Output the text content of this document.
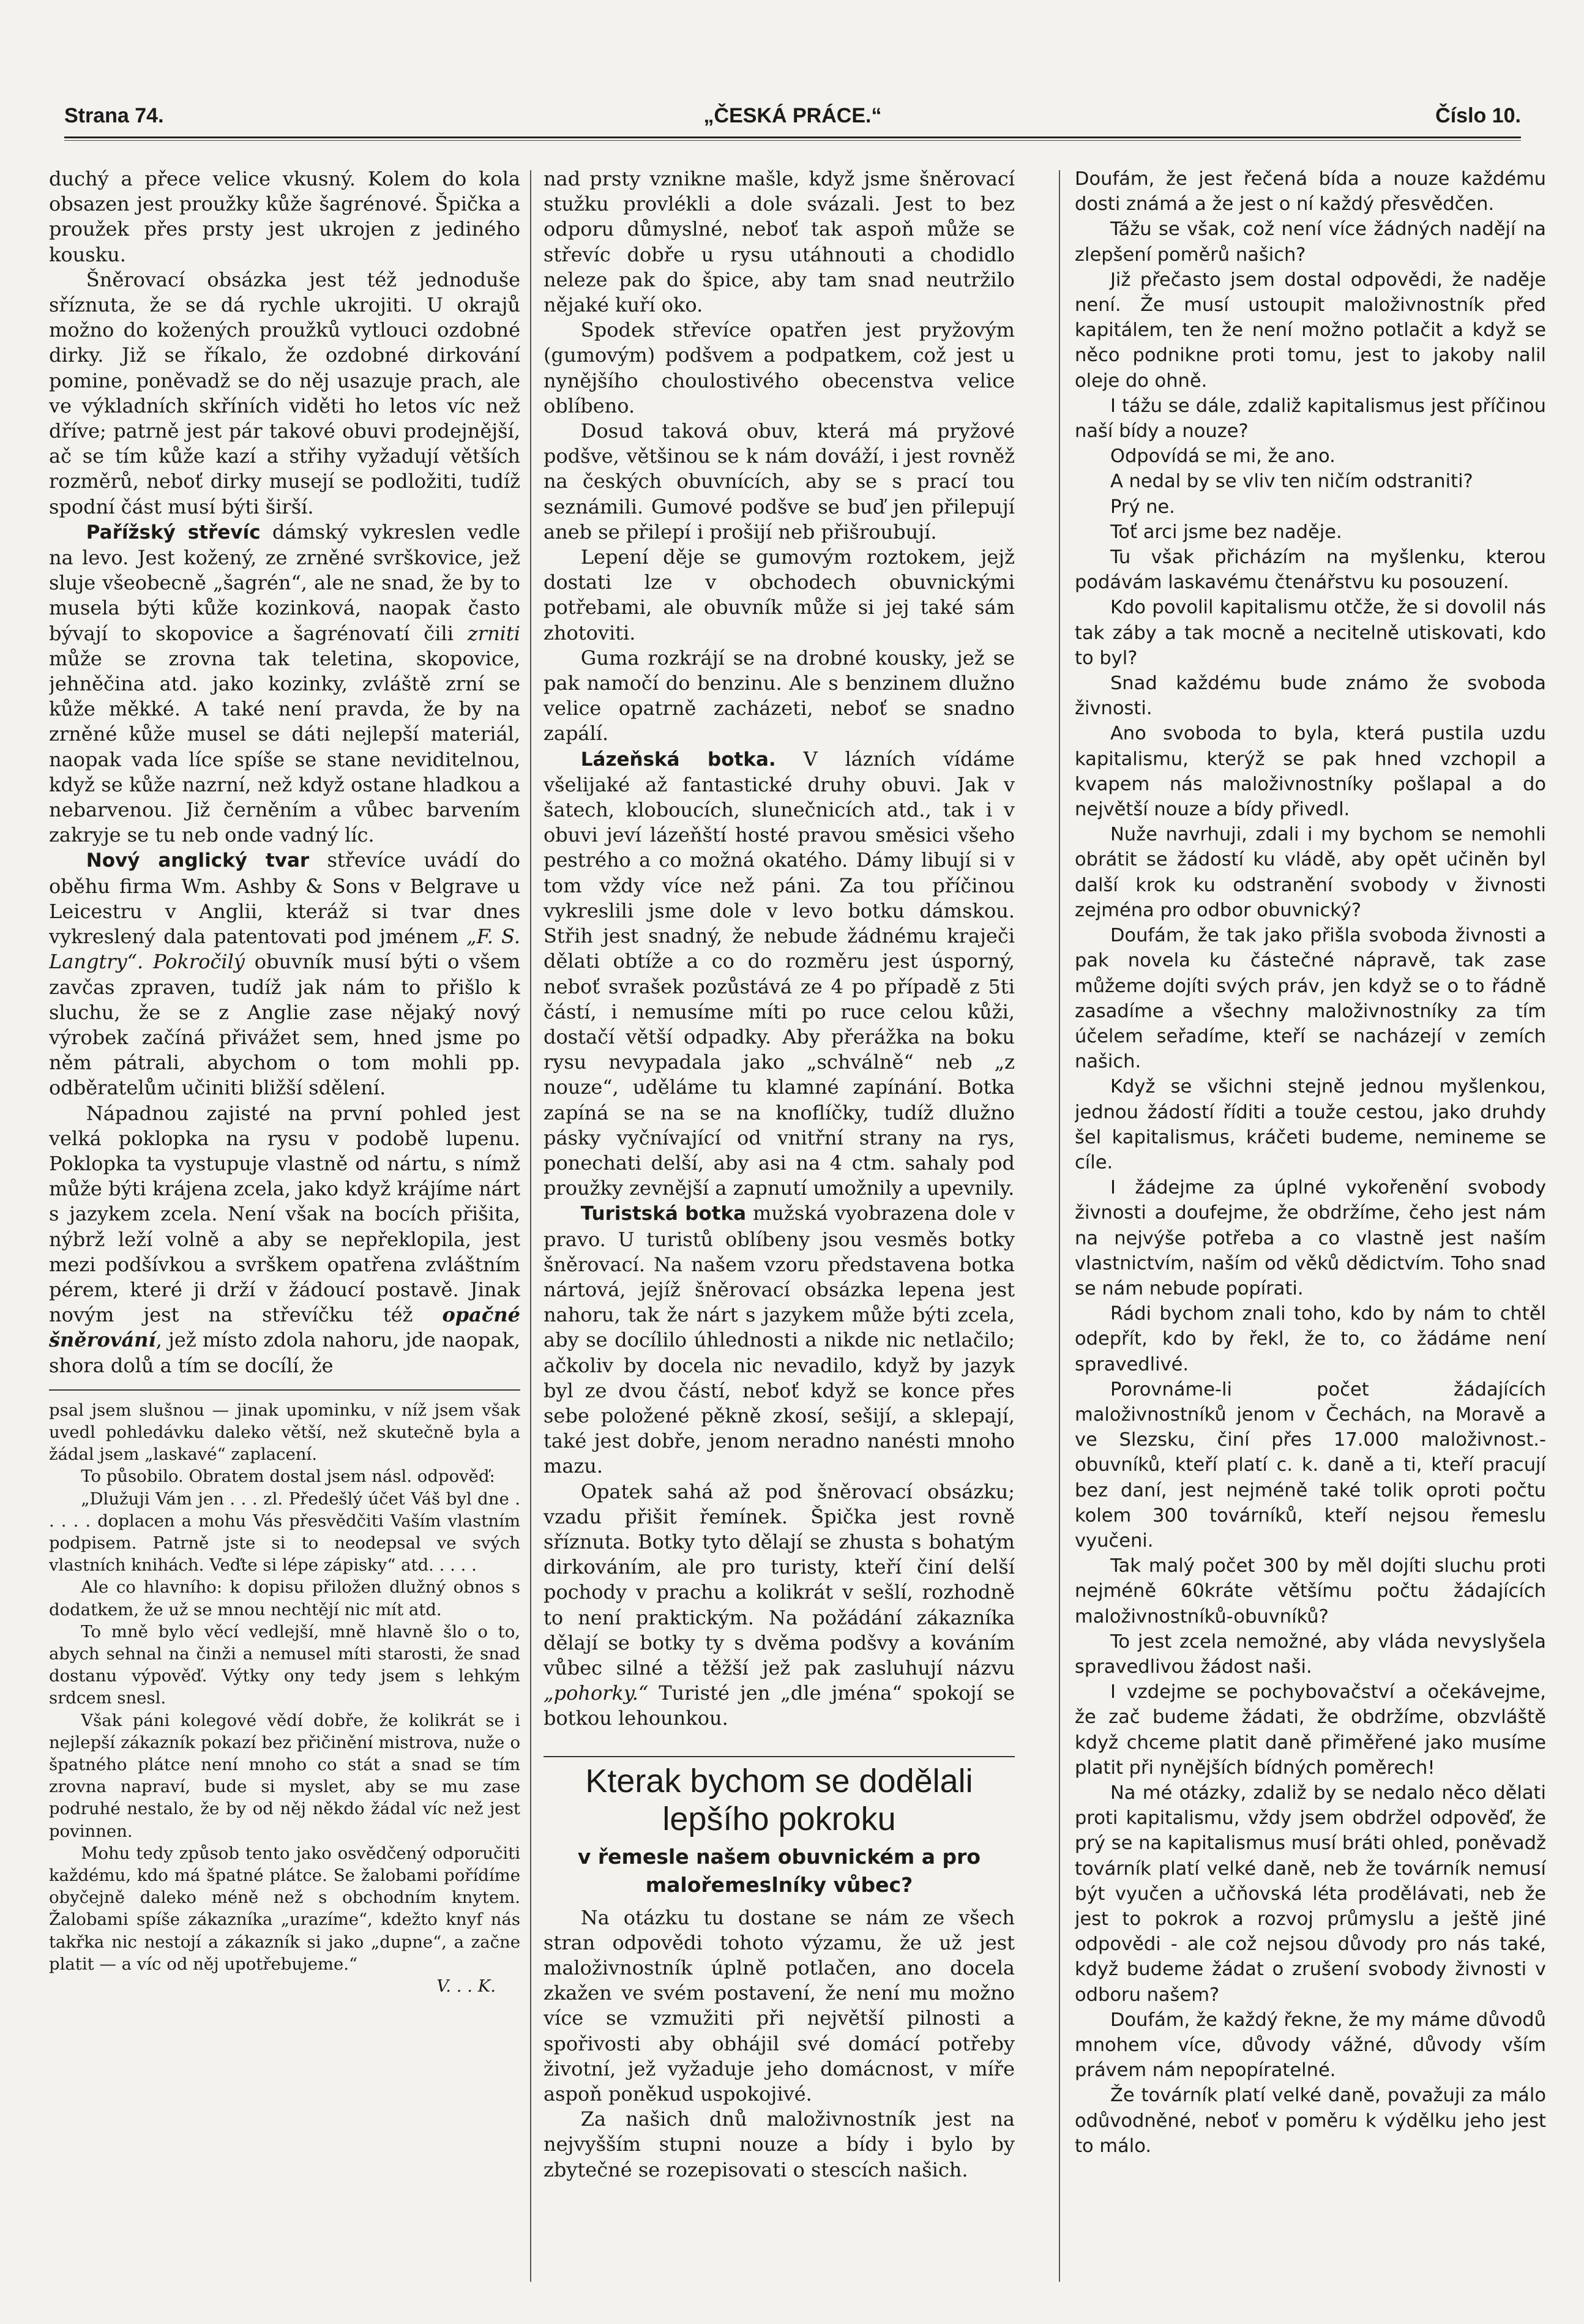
Strana 74.	„ČESKÁ PRÁCE.“	Číslo 10.

duchý a přece velice vkusný. Kolem do kola obsazen jest proužky kůže šagrénové. Špička a proužek přes prsty jest ukrojen z jediného kousku.

Šněrovací obsázka jest též jednoduše sříznuta, že se dá rychle ukrojiti. U okrajů možno do kožených proužků vytlouci ozdobné dirky. Již se říkalo, že ozdobné dirkování pomine, poněvadž se do něj usazuje prach, ale ve výkladních skříních viděti ho letos víc než dříve; patrně jest pár takové obuvi prodejnější, ač se tím kůže kazí a střihy vyžadují větších rozměrů, neboť dirky musejí se podložiti, tudíž spodní část musí býti širší.

Pařížský střevíc dámský vykreslen vedle na levo. Jest kožený, ze zrněné svrškovice, jež sluje všeobecně „šagrén“, ale ne snad, že by to musela býti kůže kozinková, naopak často bývají to skopovice a šagrénovatí čili zrniti může se zrovna tak teletina, skopovice, jehněčina atd. jako kozinky, zvláště zrní se kůže měkké. A také není pravda, že by na zrněné kůže musel se dáti nejlepší materiál, naopak vada líce spíše se stane neviditelnou, když se kůže nazrní, než když ostane hladkou a nebarvenou. Již černěním a vůbec barvením zakryje se tu neb onde vadný líc.

Nový anglický tvar střevíce uvádí do oběhu firma Wm. Ashby & Sons v Belgrave u Leicestru v Anglii, kteráž si tvar dnes vykreslený dala patentovati pod jménem „F. S. Langtry“. Pokročilý obuvník musí býti o všem zavčas zpraven, tudíž jak nám to přišlo k sluchu, že se z Anglie zase nějaký nový výrobek začíná přivážet sem, hned jsme po něm pátrali, abychom o tom mohli pp. odběratelům učiniti bližší sdělení.

Nápadnou zajisté na první pohled jest velká poklopka na rysu v podobě lupenu. Poklopka ta vystupuje vlastně od nártu, s nímž může býti krájena zcela, jako když krájíme nárt s jazykem zcela. Není však na bocích přišita, nýbrž leží volně a aby se nepřeklopila, jest mezi podšívkou a svrškem opatřena zvláštním pérem, které ji drží v žádoucí postavě. Jinak novým jest na střevíčku též opačné šněrování, jež místo zdola nahoru, jde naopak, shora dolů a tím se docílí, že

psal jsem slušnou — jinak upominku, v níž jsem však uvedl pohledávku daleko větší, než skutečně byla a žádal jsem „laskavé“ zaplacení.

To působilo. Obratem dostal jsem násl. odpověď:

„Dlužuji Vám jen . . . zl. Předešlý účet Váš byl dne . . . . . doplacen a mohu Vás přesvědčiti Vaším vlastním podpisem. Patrně jste si to neodepsal ve svých vlastních knihách. Veďte si lépe zápisky“ atd. . . . .

Ale co hlavního: k dopisu přiložen dlužný obnos s dodatkem, že už se mnou nechtějí nic mít atd.

To mně bylo věcí vedlejší, mně hlavně šlo o to, abych sehnal na činži a nemusel míti starosti, že snad dostanu výpověď. Výtky ony tedy jsem s lehkým srdcem snesl.

Však páni kolegové vědí dobře, že kolikrát se i nejlepší zákazník pokazí bez přičinění mistrova, nuže o špatného plátce není mnoho co stát a snad se tím zrovna napraví, bude si myslet, aby se mu zase podruhé nestalo, že by od něj někdo žádal víc než jest povinnen.

Mohu tedy způsob tento jako osvědčený odporučiti každému, kdo má špatné plátce. Se žalobami pořídíme obyčejně daleko méně než s obchodním knytem. Žalobami spíše zákazníka „urazíme“, kdežto knyf nás takřka nic nestojí a zákazník si jako „dupne“, a začne platit — a víc od něj upotřebujeme.“

V. . . K.

nad prsty vznikne mašle, když jsme šněrovací stužku provlékli a dole svázali. Jest to bez odporu důmyslné, neboť tak aspoň může se střevíc dobře u rysu utáhnouti a chodidlo neleze pak do špice, aby tam snad neutržilo nějaké kuří oko.

Spodek střevíce opatřen jest pryžovým (gumovým) podšvem a podpatkem, což jest u nynějšího choulostivého obecenstva velice oblíbeno.

Dosud taková obuv, která má pryžové podšve, většinou se k nám dováží, i jest rovněž na českých obuvnících, aby se s prací tou seznámili. Gumové podšve se buď jen přilepují aneb se přilepí i prošijí neb přišroubují.

Lepení děje se gumovým roztokem, jejž dostati lze v obchodech obuvnickými potřebami, ale obuvník může si jej také sám zhotoviti.

Guma rozkrájí se na drobné kousky, jež se pak namočí do benzinu. Ale s benzinem dlužno velice opatrně zacházeti, neboť se snadno zapálí.

Lázeňská botka. V lázních vídáme všelijaké až fantastické druhy obuvi. Jak v šatech, kloboucích, slunečnicích atd., tak i v obuvi jeví lázeňští hosté pravou směsici všeho pestrého a co možná okatého. Dámy libují si v tom vždy více než páni. Za tou příčinou vykreslili jsme dole v levo botku dámskou. Střih jest snadný, že nebude žádnému kraječi dělati obtíže a co do rozměru jest úsporný, neboť svrašek pozůstává ze 4 po případě z 5ti částí, i nemusíme míti po ruce celou kůži, dostačí větší odpadky. Aby přerážka na boku rysu nevypadala jako „schválně“ neb „z nouze“, uděláme tu klamné zapínání. Botka zapíná se na se na knoflíčky, tudíž dlužno pásky vyčnívající od vnitřní strany na rys, ponechati delší, aby asi na 4 ctm. sahaly pod proužky zevnější a zapnutí umožnily a upevnily.

Turistská botka mužská vyobrazena dole v pravo. U turistů oblíbeny jsou vesměs botky šněrovací. Na našem vzoru představena botka nártová, jejíž šněrovací obsázka lepena jest nahoru, tak že nárt s jazykem může býti zcela, aby se docílilo úhlednosti a nikde nic netlačilo; ačkoliv by docela nic nevadilo, když by jazyk byl ze dvou částí, neboť když se konce přes sebe položené pěkně zkosí, sešijí, a sklepají, také jest dobře, jenom neradno nanésti mnoho mazu.

Opatek sahá až pod šněrovací obsázku; vzadu přišit řemínek. Špička jest rovně sříznuta. Botky tyto dělají se zhusta s bohatým dirkováním, ale pro turisty, kteří činí delší pochody v prachu a kolikrát v sešlí, rozhodně to není praktickým. Na požádání zákazníka dělají se botky ty s dvěma podšvy a kováním vůbec silné a těžší jež pak zasluhují názvu „pohorky.“ Turisté jen „dle jména“ spokojí se botkou lehounkou.

Kterak bychom se dodělali lepšího pokroku
v řemesle našem obuvnickém a pro malořemeslníky vůbec?

Na otázku tu dostane se nám ze všech stran odpovědi tohoto výzamu, že už jest maloživnostník úplně potlačen, ano docela zkažen ve svém postavení, že není mu možno více se vzmužiti při největší pilnosti a spořivosti aby obhájil své domácí potřeby životní, jež vyžaduje jeho domácnost, v míře aspoň poněkud uspokojivé.

Za našich dnů maloživnostník jest na nejvyšším stupni nouze a bídy i bylo by zbytečné se rozepisovati o stescích našich.

Doufám, že jest řečená bída a nouze každému dosti známá a že jest o ní každý přesvědčen.

Tážu se však, což není více žádných nadějí na zlepšení poměrů našich?

Již přečasto jsem dostal odpovědi, že naděje není. Že musí ustoupit maloživnostník před kapitálem, ten že není možno potlačit a když se něco podnikne proti tomu, jest to jakoby nalil oleje do ohně.

I tážu se dále, zdaliž kapitalismus jest příčinou naší bídy a nouze?

Odpovídá se mi, že ano.

A nedal by se vliv ten ničím odstraniti?

Prý ne.

Toť arci jsme bez naděje.

Tu však přicházím na myšlenku, kterou podávám laskavému čtenářstvu ku posouzení.

Kdo povolil kapitalismu otčže, že si dovolil nás tak záby a tak mocně a necitelně utiskovati, kdo to byl?

Snad každému bude známo že svoboda živnosti.

Ano svoboda to byla, která pustila uzdu kapitalismu, kterýž se pak hned vzchopil a kvapem nás maloživnostníky pošlapal a do největší nouze a bídy přivedl.

Nuže navrhuji, zdali i my bychom se nemohli obrátit se žádostí ku vládě, aby opět učiněn byl další krok ku odstranění svobody v živnosti zejména pro odbor obuvnický?

Doufám, že tak jako přišla svoboda živnosti a pak novela ku částečné nápravě, tak zase můžeme dojíti svých práv, jen když se o to řádně zasadíme a všechny maloživnostníky za tím účelem seřadíme, kteří se nacházejí v zemích našich.

Když se všichni stejně jednou myšlenkou, jednou žádostí říditi a touže cestou, jako druhdy šel kapitalismus, kráčeti budeme, nemineme se cíle.

I žádejme za úplné vykořenění svobody živnosti a doufejme, že obdržíme, čeho jest nám na nejvýše potřeba a co vlastně jest naším vlastnictvím, naším od věků dědictvím. Toho snad se nám nebude popírati.

Rádi bychom znali toho, kdo by nám to chtěl odepřít, kdo by řekl, že to, co žádáme není spravedlivé.

Porovnáme-li počet žádajících maloživnostníků jenom v Čechách, na Moravě a ve Slezsku, činí přes 17.000 maloživnost.-obuvníků, kteří platí c. k. daně a ti, kteří pracují bez daní, jest nejméně také tolik oproti počtu kolem 300 továrníků, kteří nejsou řemeslu vyučeni.

Tak malý počet 300 by měl dojíti sluchu proti nejméně 60kráte většímu počtu žádajících maloživnostníků-obuvníků?

To jest zcela nemožné, aby vláda nevyslyšela spravedlivou žádost naši.

I vzdejme se pochybovačství a očekávejme, že zač budeme žádati, že obdržíme, obzvláště když chceme platit daně přiměřené jako musíme platit při nynějších bídných poměrech!

Na mé otázky, zdaliž by se nedalo něco dělati proti kapitalismu, vždy jsem obdržel odpověď, že prý se na kapitalismus musí bráti ohled, poněvadž továrník platí velké daně, neb že továrník nemusí být vyučen a učňovská léta prodělávati, neb že jest to pokrok a rozvoj průmyslu a ještě jiné odpovědi - ale což nejsou důvody pro nás také, když budeme žádat o zrušení svobody živnosti v odboru našem?

Doufám, že každý řekne, že my máme důvodů mnohem více, důvody vážné, důvody vším právem nám nepopíratelné.

Že továrník platí velké daně, považuji za málo odůvodněné, neboť v poměru k výdělku jeho jest to málo.
